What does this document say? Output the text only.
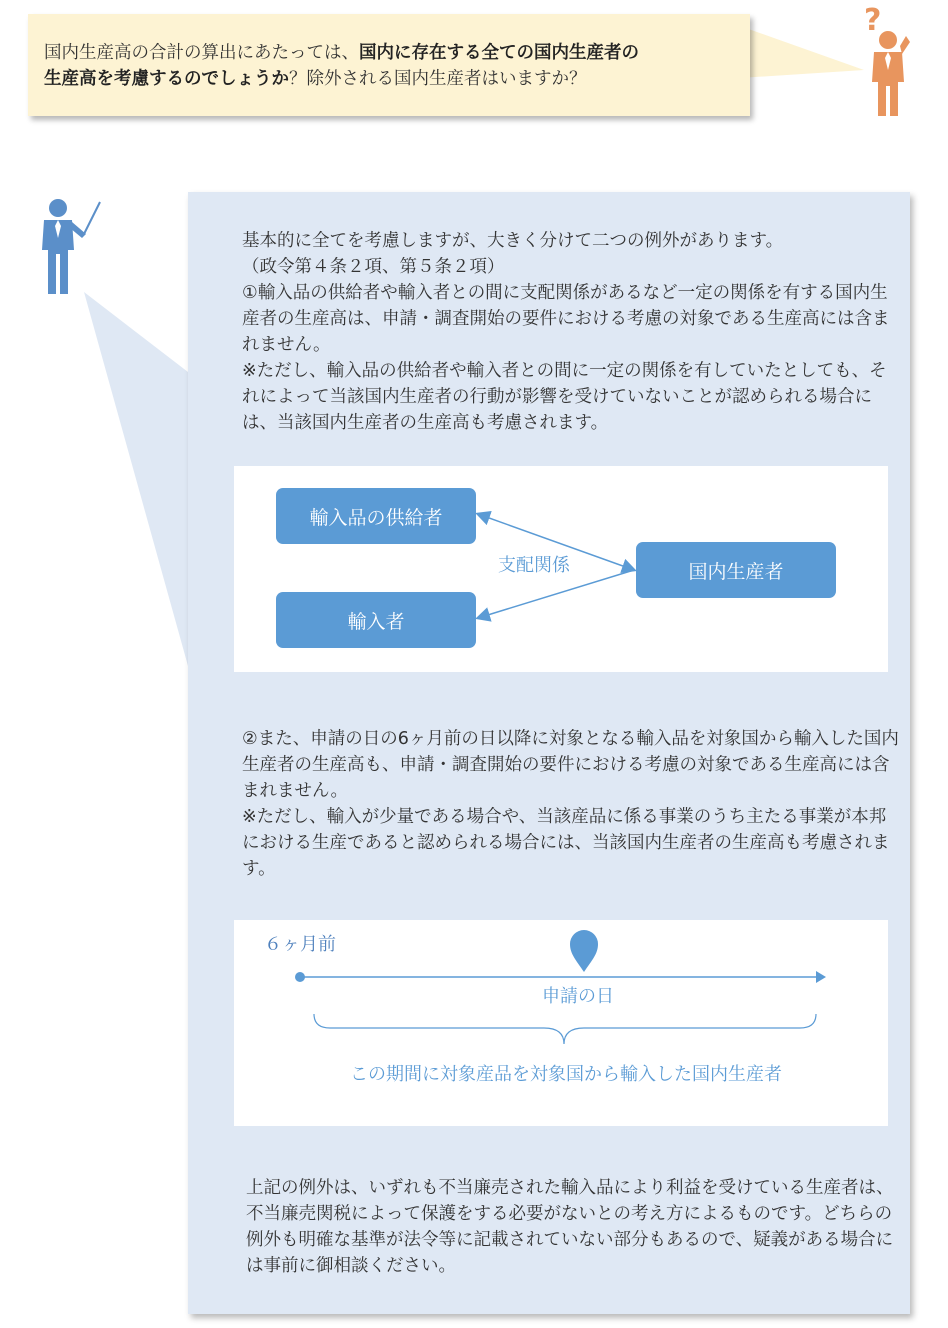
国内生産高の合計の算出にあたっては、国内に存在する全ての国内生産者の
生産高を考慮するのでしょうか？除外される国内生産者はいますか？
?
基本的に全てを考慮しますが、大きく分けて二つの例外があります。
（政令第４条２項、第５条２項）
①輸入品の供給者や輸入者との間に支配関係があるなど一定の関係を有する国内生産者の生産高は、申請・調査開始の要件における考慮の対象である生産高には含まれません。
※ただし、輸入品の供給者や輸入者との間に一定の関係を有していたとしても、それによって当該国内生産者の行動が影響を受けていないことが認められる場合には、当該国内生産者の生産高も考慮されます。
輸入品の供給者
輸入者
国内生産者
支配関係
②また、申請の日の6ヶ月前の日以降に対象となる輸入品を対象国から輸入した国内生産者の生産高も、申請・調査開始の要件における考慮の対象である生産高には含まれません。
※ただし、輸入が少量である場合や、当該産品に係る事業のうち主たる事業が本邦における生産であると認められる場合には、当該国内生産者の生産高も考慮されます。
６ヶ月前
申請の日
この期間に対象産品を対象国から輸入した国内生産者
上記の例外は、いずれも不当廉売された輸入品により利益を受けている生産者は、不当廉売関税によって保護をする必要がないとの考え方によるものです。どちらの例外も明確な基準が法令等に記載されていない部分もあるので、疑義がある場合には事前に御相談ください。
